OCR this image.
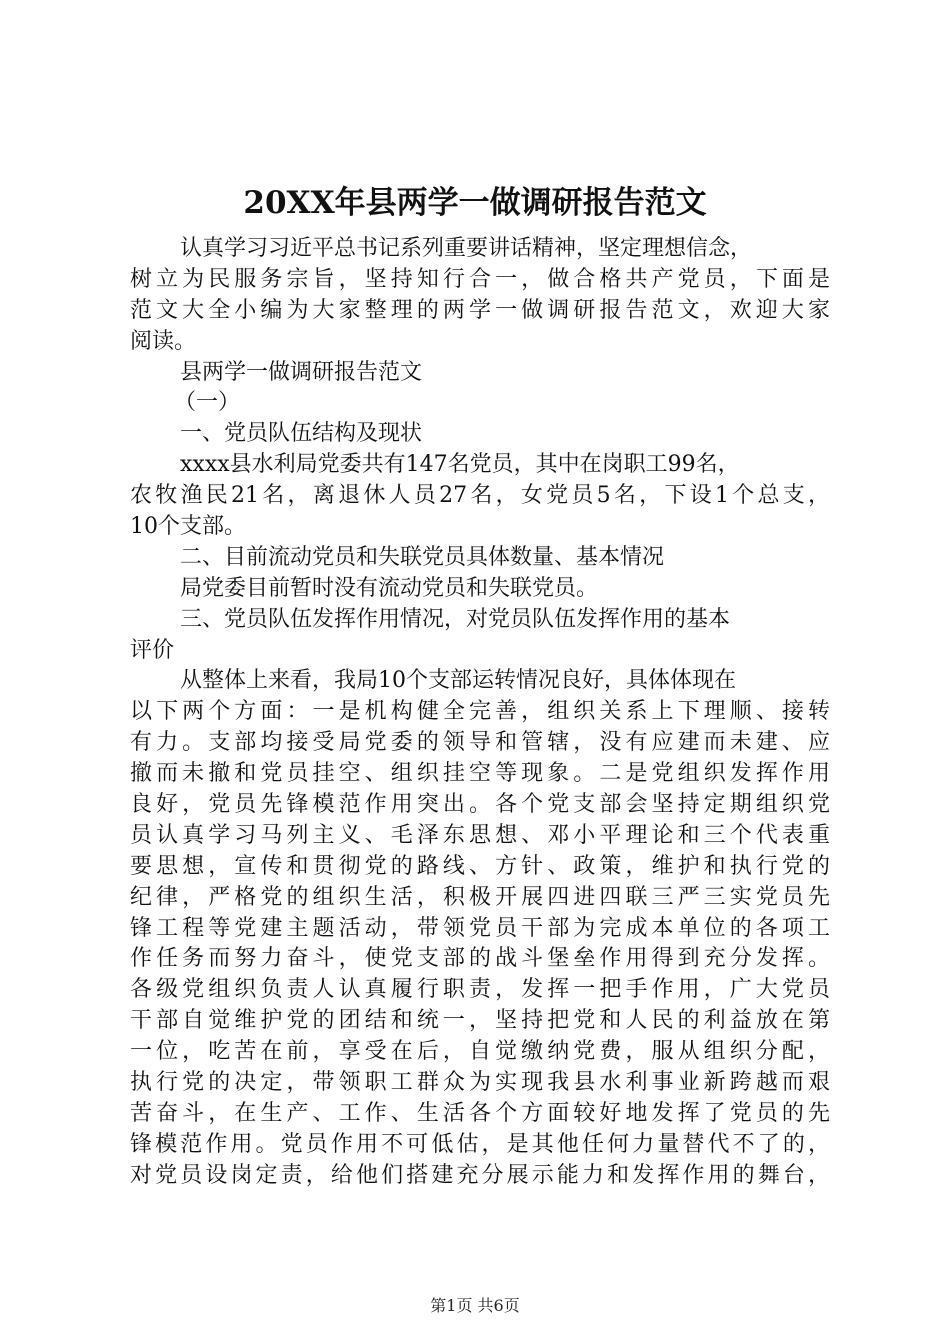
20XX年县两学一做调研报告范文
认真学习习近平总书记系列重要讲话精神，坚定理想信念，
树立为民服务宗旨，坚持知行合一，做合格共产党员，下面是
范文大全小编为大家整理的两学一做调研报告范文，欢迎大家
阅读。
县两学一做调研报告范文
（一）
一、党员队伍结构及现状
xxxx县水利局党委共有147名党员，其中在岗职工99名，
农牧渔民21名，离退休人员27名，女党员5名，下设1个总支，
10个支部。
二、目前流动党员和失联党员具体数量、基本情况
局党委目前暂时没有流动党员和失联党员。
三、党员队伍发挥作用情况，对党员队伍发挥作用的基本
评价
从整体上来看，我局10个支部运转情况良好，具体体现在
以下两个方面：一是机构健全完善，组织关系上下理顺、接转
有力。支部均接受局党委的领导和管辖，没有应建而未建、应
撤而未撤和党员挂空、组织挂空等现象。二是党组织发挥作用
良好，党员先锋模范作用突出。各个党支部会坚持定期组织党
员认真学习马列主义、毛泽东思想、邓小平理论和三个代表重
要思想，宣传和贯彻党的路线、方针、政策，维护和执行党的
纪律，严格党的组织生活，积极开展四进四联三严三实党员先
锋工程等党建主题活动，带领党员干部为完成本单位的各项工
作任务而努力奋斗，使党支部的战斗堡垒作用得到充分发挥。
各级党组织负责人认真履行职责，发挥一把手作用，广大党员
干部自觉维护党的团结和统一，坚持把党和人民的利益放在第
一位，吃苦在前，享受在后，自觉缴纳党费，服从组织分配，
执行党的决定，带领职工群众为实现我县水利事业新跨越而艰
苦奋斗，在生产、工作、生活各个方面较好地发挥了党员的先
锋模范作用。党员作用不可低估，是其他任何力量替代不了的，
对党员设岗定责，给他们搭建充分展示能力和发挥作用的舞台，
第1页 共6页
